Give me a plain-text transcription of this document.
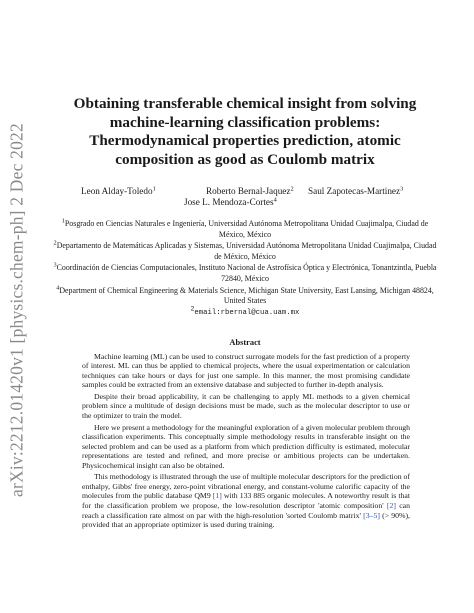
arXiv:2212.01420v1 [physics.chem-ph] 2 Dec 2022
Obtaining transferable chemical insight from solving machine-learning classification problems: Thermodynamical properties prediction, atomic composition as good as Coulomb matrix
Leon Alday-Toledo$^1$	Roberto Bernal-Jaquez$^2$ Saul Zapotecas-Martinez$^3$
Jose L. Mendoza-Cortes$^4$

$^1$Posgrado en Ciencias Naturales e Ingeniería, Universidad Autónoma Metropolitana Unidad Cuajimalpa, Ciudad de México, México

$^2$Departamento de Matemáticas Aplicadas y Sistemas, Universidad Autónoma Metropolitana Unidad Cuajimalpa, Ciudad de México, México

$^3$Coordinación de Ciencias Computacionales, Instituto Nacional de Astrofísica Óptica y Electrónica, Tonantzintla, Puebla 72840, México

$^4$Department of Chemical Engineering & Materials Science, Michigan State University, East Lansing, Michigan 48824, United States

$^2$email:rbernal@cua.uam.mx

Abstract

Machine learning (ML) can be used to construct surrogate models for the fast prediction of a property of interest. ML can thus be applied to chemical projects, where the usual experimentation or calculation techniques can take hours or days for just one sample. In this manner, the most promising candidate samples could be extracted from an extensive database and subjected to further in-depth analysis.

Despite their broad applicability, it can be challenging to apply ML methods to a given chemical problem since a multitude of design decisions must be made, such as the molecular descriptor to use or the optimizer to train the model.

Here we present a methodology for the meaningful exploration of a given molecular problem through classification experiments. This conceptually simple methodology results in transferable insight on the selected problem and can be used as a platform from which prediction difficulty is estimated, molecular representations are tested and refined, and more precise or ambitious projects can be undertaken. Physicochemical insight can also be obtained.

This methodology is illustrated through the use of multiple molecular descriptors for the prediction of enthalpy, Gibbs' free energy, zero-point vibrational energy, and constant-volume calorific capacity of the molecules from the public database QM9 [1] with 133 885 organic molecules. A noteworthy result is that for the classification problem we propose, the low-resolution descriptor 'atomic composition' [2] can reach a classification rate almost on par with the high-resolution 'sorted Coulomb matrix' [3–5] (> 90%), provided that an appropriate optimizer is used during training.
